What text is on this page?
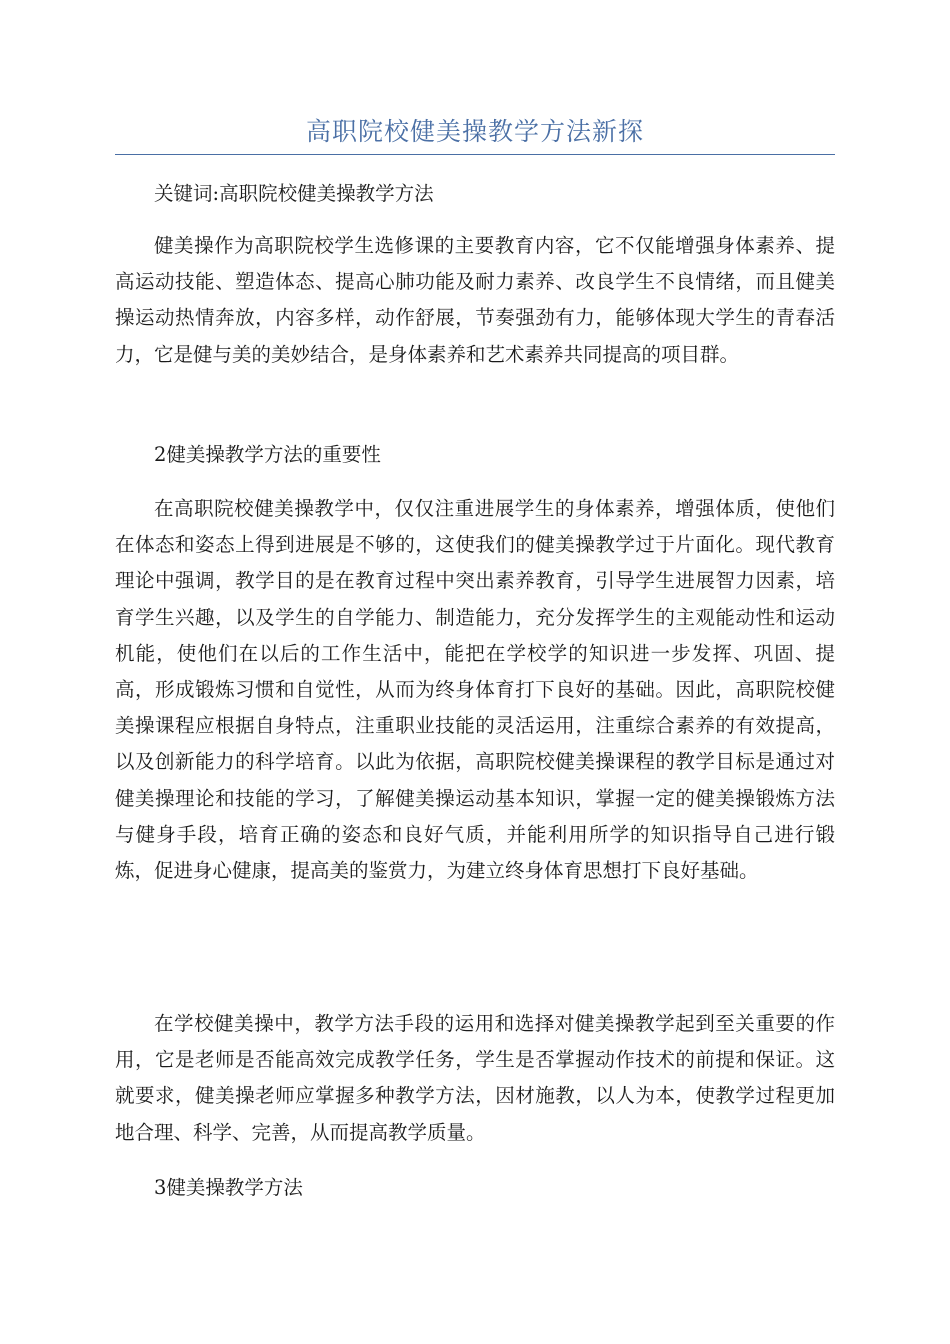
高职院校健美操教学方法新探

关键词:高职院校健美操教学方法

健美操作为高职院校学生选修课的主要教育内容，它不仅能增强身体素养、提高运动技能、塑造体态、提高心肺功能及耐力素养、改良学生不良情绪，而且健美操运动热情奔放，内容多样，动作舒展，节奏强劲有力，能够体现大学生的青春活力，它是健与美的美妙结合，是身体素养和艺术素养共同提高的项目群。

2健美操教学方法的重要性

在高职院校健美操教学中，仅仅注重进展学生的身体素养，增强体质，使他们在体态和姿态上得到进展是不够的，这使我们的健美操教学过于片面化。现代教育理论中强调，教学目的是在教育过程中突出素养教育，引导学生进展智力因素，培育学生兴趣，以及学生的自学能力、制造能力，充分发挥学生的主观能动性和运动机能，使他们在以后的工作生活中，能把在学校学的知识进一步发挥、巩固、提高，形成锻炼习惯和自觉性，从而为终身体育打下良好的基础。因此，高职院校健美操课程应根据自身特点，注重职业技能的灵活运用，注重综合素养的有效提高，以及创新能力的科学培育。以此为依据，高职院校健美操课程的教学目标是通过对健美操理论和技能的学习，了解健美操运动基本知识，掌握一定的健美操锻炼方法与健身手段，培育正确的姿态和良好气质，并能利用所学的知识指导自己进行锻炼，促进身心健康，提高美的鉴赏力，为建立终身体育思想打下良好基础。

在学校健美操中，教学方法手段的运用和选择对健美操教学起到至关重要的作用，它是老师是否能高效完成教学任务，学生是否掌握动作技术的前提和保证。这就要求，健美操老师应掌握多种教学方法，因材施教，以人为本，使教学过程更加地合理、科学、完善，从而提高教学质量。

3健美操教学方法
